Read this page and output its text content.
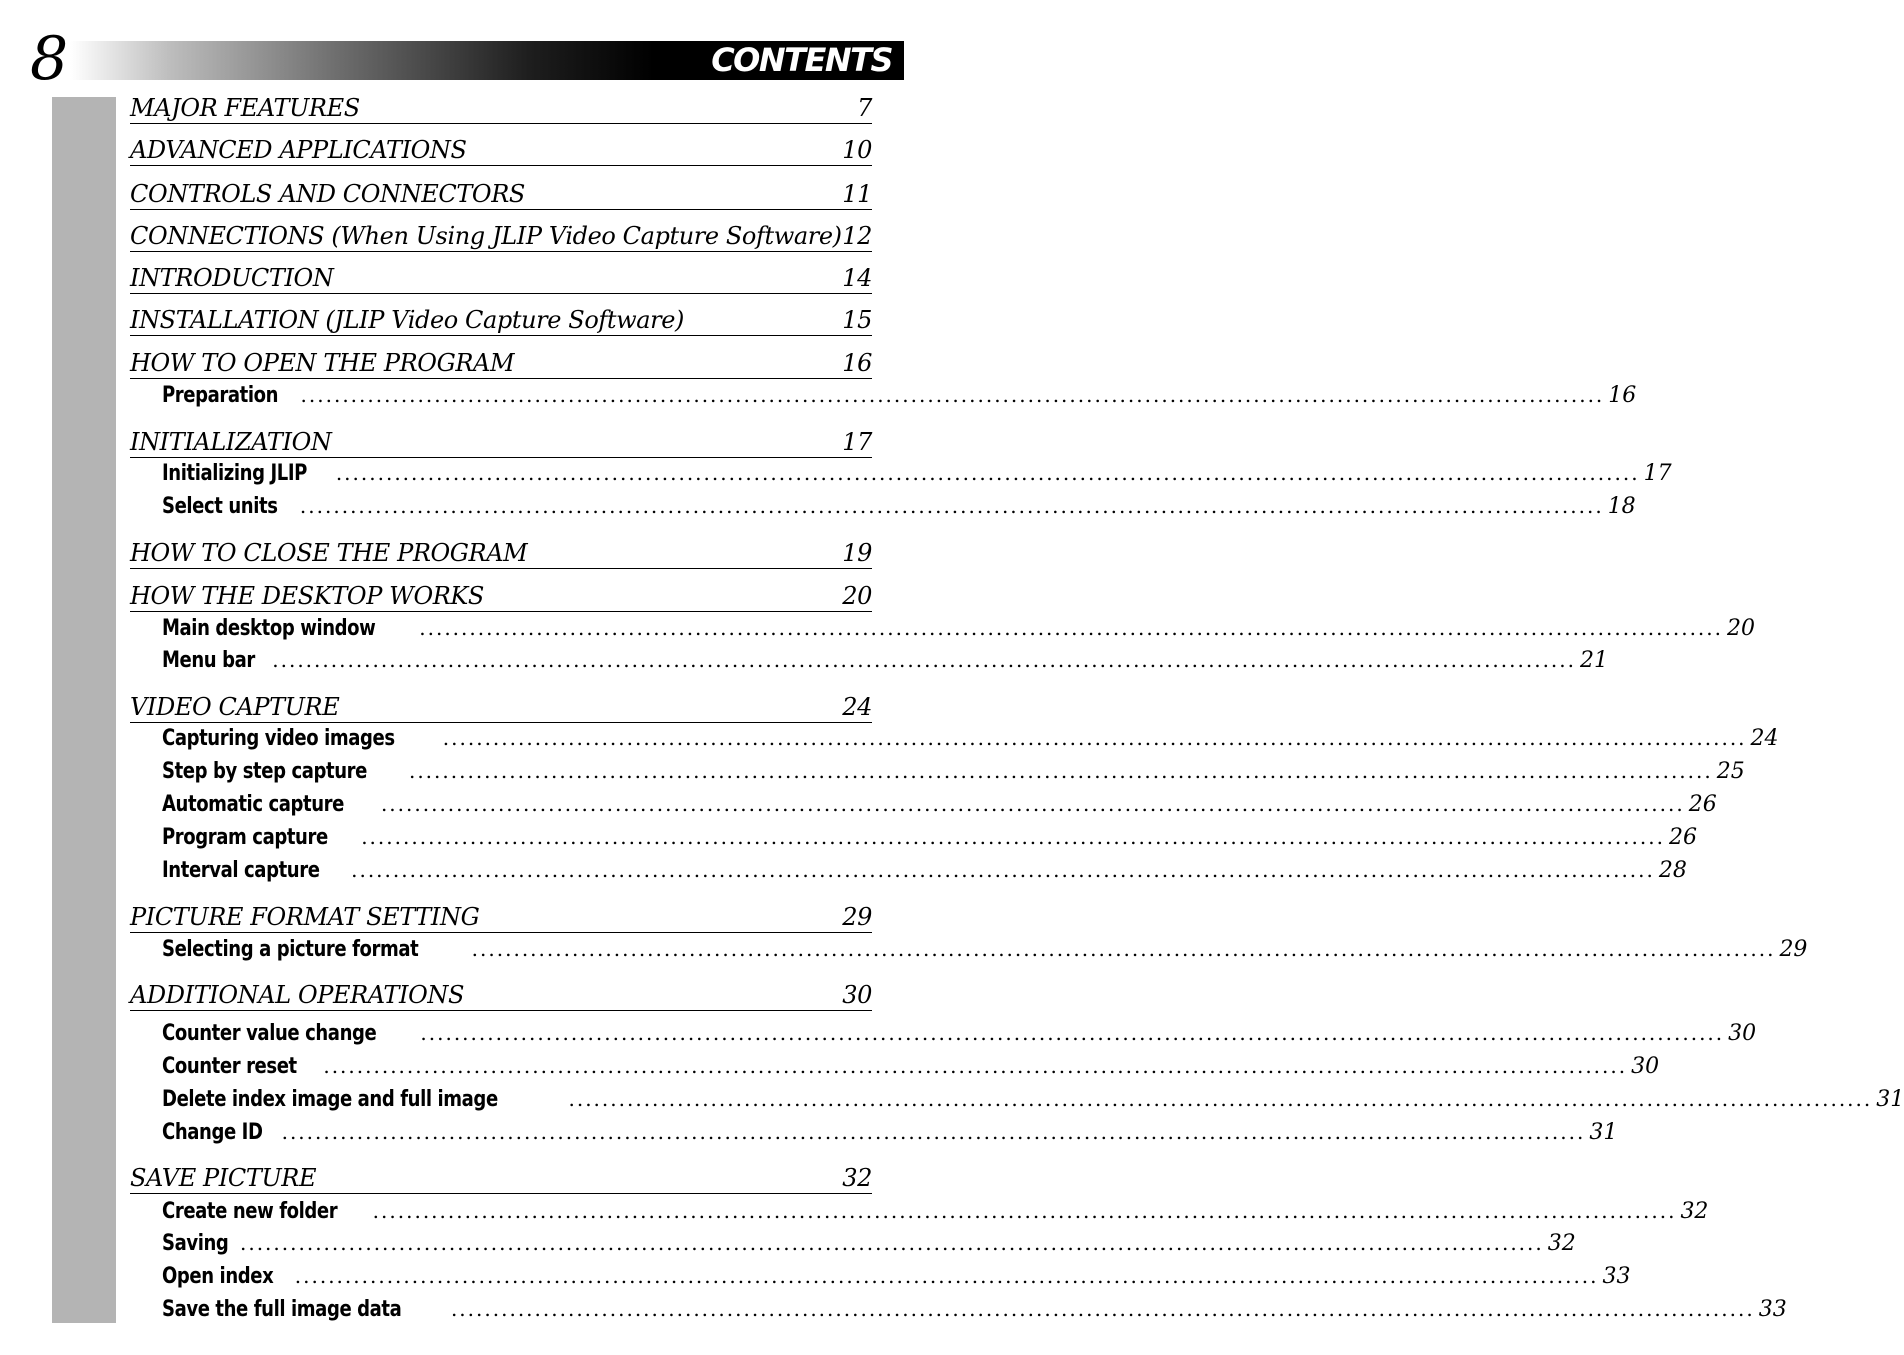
8	CONTENTS
MAJOR FEATURES	7
ADVANCED APPLICATIONS	10
CONTROLS AND CONNECTORS	11
CONNECTIONS (When Using JLIP Video Capture Software) 12
INTRODUCTION	14
INSTALLATION (JLIP Video Capture Software)	15
HOW TO OPEN THE PROGRAM	16
Preparation ............................................................................................................................................................ 16
INITIALIZATION	17
Initializing JLIP ............................................................................................................................................................ 17
Select units ............................................................................................................................................................ 18
HOW TO CLOSE THE PROGRAM	19
HOW THE DESKTOP WORKS	20
Main desktop window ............................................................................................................................................................ 20
Menu bar ............................................................................................................................................................ 21
VIDEO CAPTURE	24
Capturing video images ............................................................................................................................................................ 24
Step by step capture ............................................................................................................................................................ 25
Automatic capture ............................................................................................................................................................ 26
Program capture ............................................................................................................................................................ 26
Interval capture ............................................................................................................................................................ 28
PICTURE FORMAT SETTING	29
Selecting a picture format	............................................................................................................................................................ 29
ADDITIONAL OPERATIONS	30
Counter value change ............................................................................................................................................................ 30
Counter reset ............................................................................................................................................................ 30
Delete index image and full image	............................................................................................................................................................ 31
Change ID ............................................................................................................................................................ 31
SAVE PICTURE	32
Create new folder ............................................................................................................................................................ 32
Saving ............................................................................................................................................................ 32
Open index ............................................................................................................................................................ 33
Save the full image data ............................................................................................................................................................ 33
